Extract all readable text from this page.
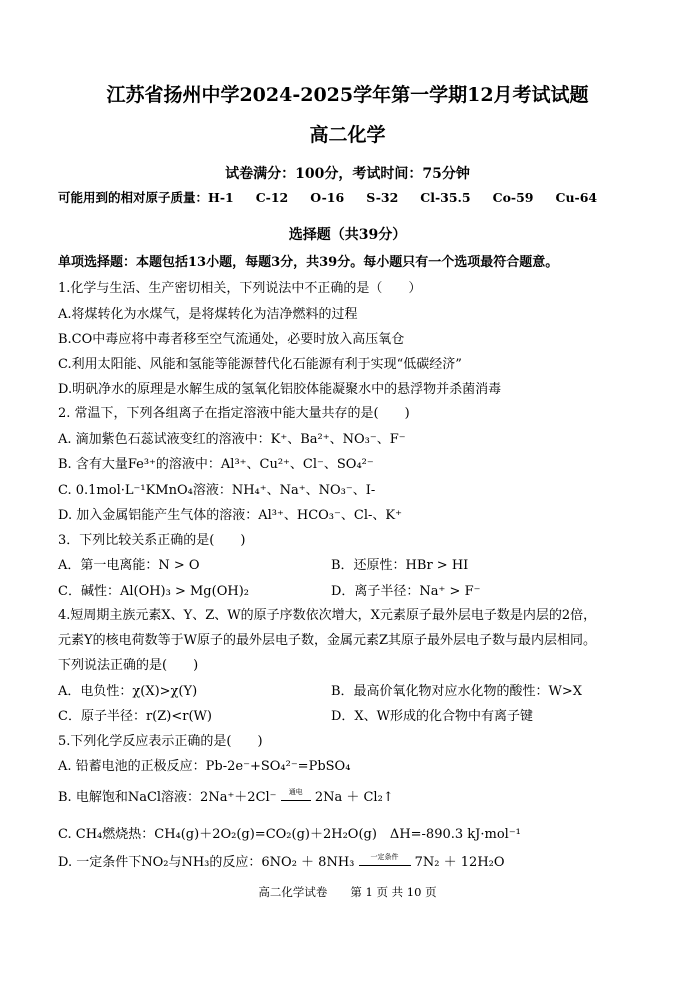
江苏省扬州中学2024-2025学年第一学期12月考试试题
高二化学
试卷满分：100分，考试时间：75分钟
可能用到的相对原子质量：H-1 C-12 O-16 S-32 Cl-35.5 Co-59 Cu-64
选择题（共39分）
单项选择题：本题包括13小题，每题3分，共39分。每小题只有一个选项最符合题意。
1.化学与生活、生产密切相关，下列说法中不正确的是（　　）
A.将煤转化为水煤气，是将煤转化为洁净燃料的过程
B.CO中毒应将中毒者移至空气流通处，必要时放入高压氧仓
C.利用太阳能、风能和氢能等能源替代化石能源有利于实现“低碳经济”
D.明矾净水的原理是水解生成的氢氧化铝胶体能凝聚水中的悬浮物并杀菌消毒
2. 常温下，下列各组离子在指定溶液中能大量共存的是(　　)
A. 滴加紫色石蕊试液变红的溶液中：K⁺、Ba²⁺、NO₃⁻、F⁻
B. 含有大量Fe³⁺的溶液中：Al³⁺、Cu²⁺、Cl⁻、SO₄²⁻
C. 0.1mol·L⁻¹KMnO₄溶液：NH₄⁺、Na⁺、NO₃⁻、I-
D. 加入金属铝能产生气体的溶液：Al³⁺、HCO₃⁻、Cl-、K⁺
3．下列比较关系正确的是(　　)
A．第一电离能：N > O	B．还原性：HBr > HI
C．碱性：Al(OH)₃ > Mg(OH)₂	D．离子半径：Na⁺ > F⁻
4.短周期主族元素X、Y、Z、W的原子序数依次增大，X元素原子最外层电子数是内层的2倍，
元素Y的核电荷数等于W原子的最外层电子数，金属元素Z其原子最外层电子数与最内层相同。
下列说法正确的是(　　)
A．电负性：χ(X)>χ(Y)	B．最高价氧化物对应水化物的酸性：W>X
C．原子半径：r(Z)<r(W)	D．X、W形成的化合物中有离子键
5.下列化学反应表示正确的是(　　)
A. 铅蓄电池的正极反应：Pb-2e⁻+SO₄²⁻=PbSO₄
B. 电解饱和NaCl溶液：2Na⁺＋2Cl⁻	通电 2Na ＋ Cl₂↑
C. CH₄燃烧热：CH₄(g)＋2O₂(g)=CO₂(g)＋2H₂O(g)　ΔH=-890.3 kJ·mol⁻¹
D. 一定条件下NO₂与NH₃的反应：6NO₂ ＋ 8NH₃	一定条件	7N₂ ＋ 12H₂O
高二化学试卷　　第 1 页 共 10 页
